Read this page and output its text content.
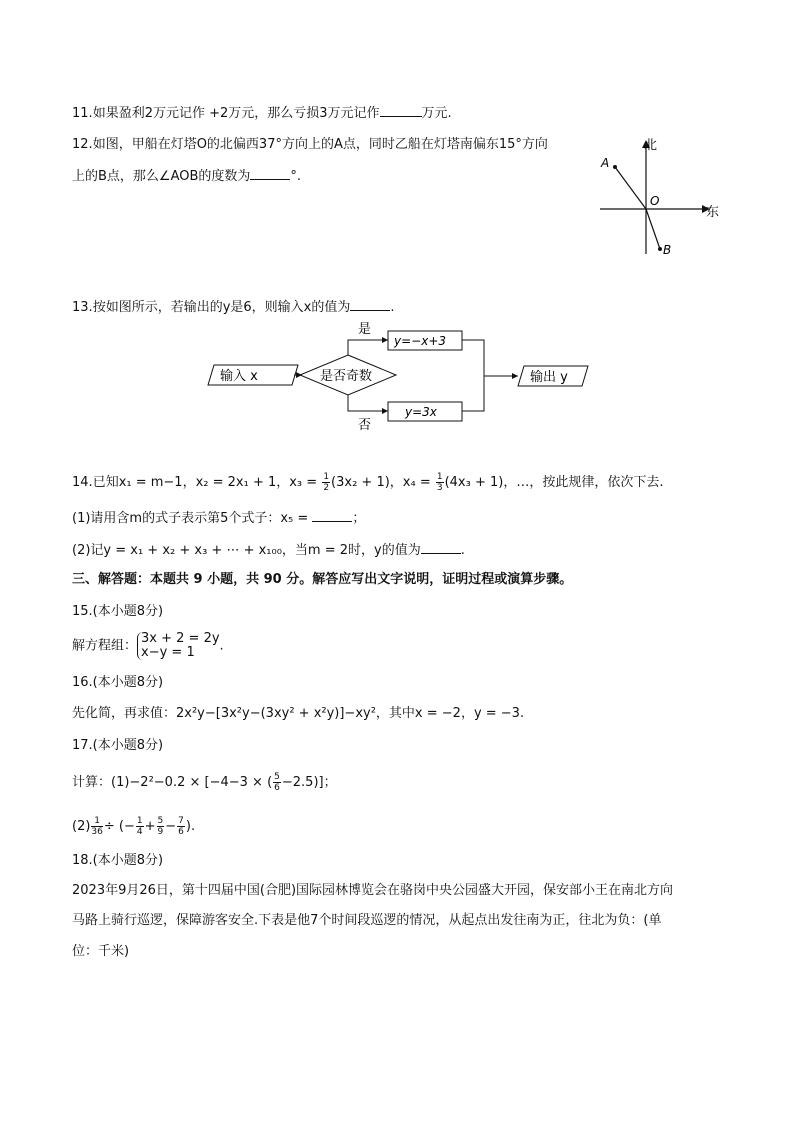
11.如果盈利2万元记作 +2万元，那么亏损3万元记作	万元.
12.如图，甲船在灯塔O的北偏西37°方向上的A点，同时乙船在灯塔南偏东15°方向
上的B点，那么∠AOB的度数为	°.
北
东
A
O
B
13.按如图所示，若输出的y是6，则输入x的值为	.
输入 x	是否奇数
是
y=−x+3
否
y=3x
输出 y
14.已知x₁ = m−1，x₂ = 2x₁ + 1，$x_3 = \frac{1}{2} (3x_2 + 1)$，$x_4 = \frac{1}{3} (4x_3 + 1)$，…，按此规律，依次下去.
(1)请用含m的式子表示第5个式子：x₅ =	；
(2)记y = x₁ + x₂ + x₃ + ⋯ + x₁₀₀，当m = 2时，y的值为	.
三、解答题：本题共 9 小题，共 90 分。解答应写出文字说明，证明过程或演算步骤。
15.(本小题8分)
解方程组： 3x + 2 = 2y
x−y = 1	.
16.(本小题8分)
先化简，再求值：2x²y−[3x²y−(3xy² + x²y)]−xy²，其中x = −2，y = −3.
17.(本小题8分)
计算：(1)−2²−0.2 × [−4−3 × ( $\frac{5}{6} -2.5$)]；
$(2) \frac{1}{36}$ ÷ (− $\frac{1}{4} + \frac{5}{9} - \frac{7}{6}$ ).
18.(本小题8分)
2023年9月26日，第十四届中国(合肥)国际园林博览会在骆岗中央公园盛大开园，保安部小王在南北方向
马路上骑行巡逻，保障游客安全.下表是他7个时间段巡逻的情况，从起点出发往南为正，往北为负：(单
位：千米)
